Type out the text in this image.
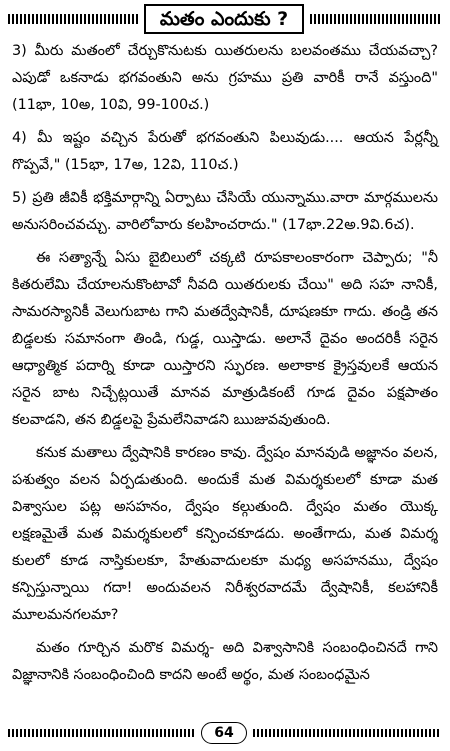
మతం ఎందుకు ?

3) మీరు మతంలో చేర్చుకొనుటకు యితరులను బలవంతము చేయవచ్చా? ఎపుడో ఒకనాడు భగవంతుని అను గ్రహము ప్రతి వారికీ రానే వస్తుంది" (11భా, 10అ, 10వి, 99-100చ.)

4) మీ ఇష్టం వచ్చిన పేరుతో భగవంతుని పిలువుడు.... ఆయన పేర్లన్నీ గొప్పవే," (15భా, 17అ, 12వి, 110చ.)

5) ప్రతి జీవికీ భక్తిమార్గాన్ని ఏర్పాటు చేసియే యున్నాము.వారా మార్గములను అనుసరించవచ్చు. వారిలోవారు కలహించరాదు." (17భా.22అ.9వి.6చ).

ఈ సత్యాన్నే ఏసు బైబిలులో చక్కటి రూపకాలంకారంగా చెప్పారు; "నీ కితరులేమి చేయాలనుకొంటావో నీవది యితరులకు చేయి" అది సహ నానికీ, సామరస్యానికీ వెలుగుబాట గాని మతద్వేషానికీ, దూషణకూ గాదు. తండ్రి తన బిడ్డలకు సమానంగా తిండి, గుడ్డ, యిస్తాడు. అలానే దైవం అందరికీ సరైన ఆధ్యాత్మిక పదార్ని కూడా యిస్తారని స్ఫురణ. అలాకాక క్రైస్తవులకే ఆయన సరైన బాట నిచ్చేట్లయితే మానవ మాత్రుడికంటే గూడ దైవం పక్షపాతం కలవాడని, తన బిడ్డలపై ప్రేమలేనివాడని ఋజువవుతుంది.

కనుక మతాలు ద్వేషానికి కారణం కావు. ద్వేషం మానవుడి అజ్ఞానం వలన, పశుత్వం వలన ఏర్పడుతుంది. అందుకే మత విమర్శకులలో కూడా మత విశ్వాసుల పట్ల అసహనం, ద్వేషం కల్గుతుంది. ద్వేషం మతం యొక్క లక్షణమైతే మత విమర్శకులలో కన్పించకూడదు. అంతేగాదు, మత విమర్శ కులలో కూడ నాస్తికులకూ, హేతువాదులకూ మధ్య అసహనము, ద్వేషం కన్పిస్తున్నాయి గదా! అందువలన నిరీశ్వరవాదమే ద్వేషానికీ, కలహానికీ మూలమనగలమా?

మతం గూర్చిన మరొక విమర్శ- అది విశ్వాసానికి సంబంధించినదే గాని విజ్ఞానానికి సంబంధించింది కాదని అంటే అర్థం, మత సంబంధమైన

64
